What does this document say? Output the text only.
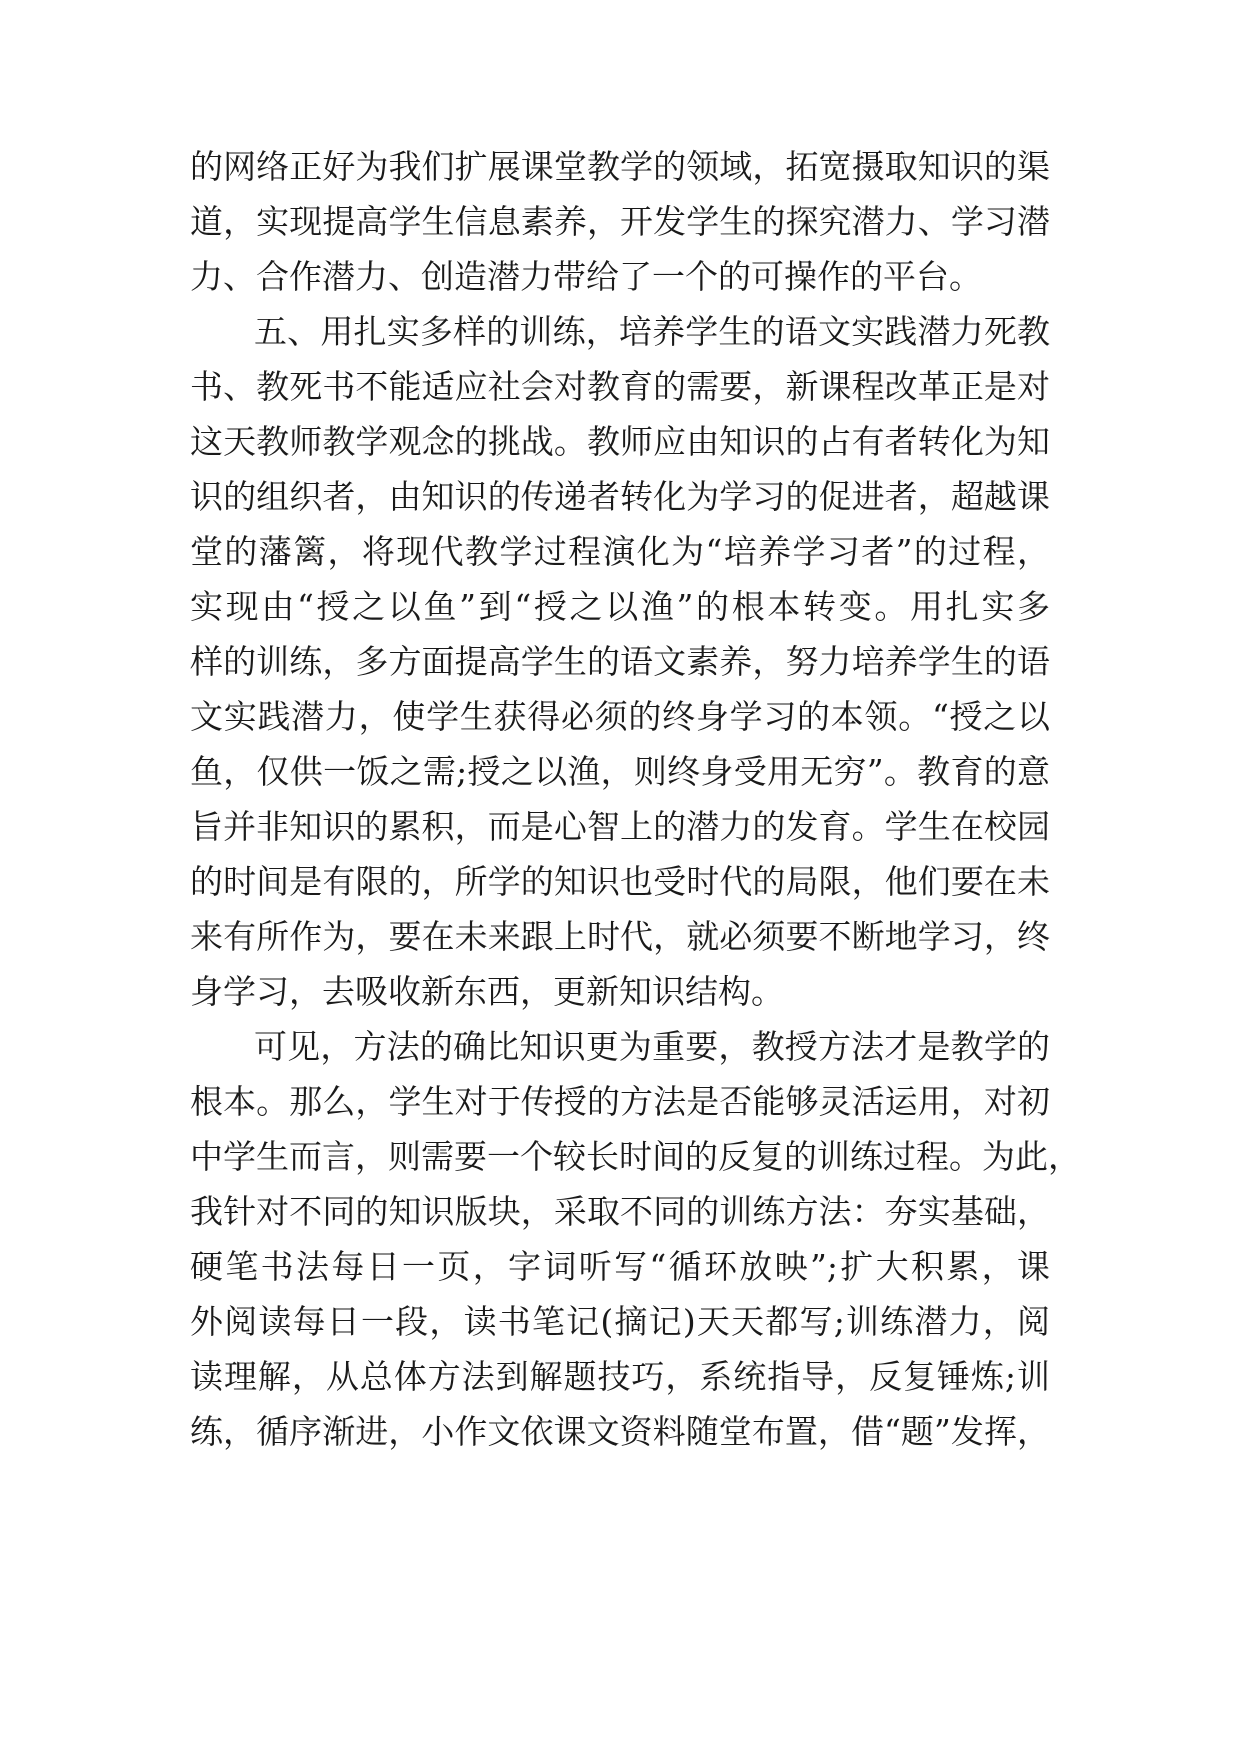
的网络正好为我们扩展课堂教学的领域，拓宽摄取知识的渠
道，实现提高学生信息素养，开发学生的探究潜力、学习潜
力、合作潜力、创造潜力带给了一个的可操作的平台。
五、用扎实多样的训练，培养学生的语文实践潜力死教
书、教死书不能适应社会对教育的需要，新课程改革正是对
这天教师教学观念的挑战。教师应由知识的占有者转化为知
识的组织者，由知识的传递者转化为学习的促进者，超越课
堂的藩篱，将现代教学过程演化为“培养学习者”的过程，
实现由“授之以鱼”到“授之以渔”的根本转变。用扎实多
样的训练，多方面提高学生的语文素养，努力培养学生的语
文实践潜力，使学生获得必须的终身学习的本领。“授之以
鱼，仅供一饭之需;授之以渔，则终身受用无穷”。教育的意
旨并非知识的累积，而是心智上的潜力的发育。学生在校园
的时间是有限的，所学的知识也受时代的局限，他们要在未
来有所作为，要在未来跟上时代，就必须要不断地学习，终
身学习，去吸收新东西，更新知识结构。
可见，方法的确比知识更为重要，教授方法才是教学的
根本。那么，学生对于传授的方法是否能够灵活运用，对初
中学生而言，则需要一个较长时间的反复的训练过程。为此，
我针对不同的知识版块，采取不同的训练方法：夯实基础，
硬笔书法每日一页，字词听写“循环放映”;扩大积累，课
外阅读每日一段，读书笔记(摘记)天天都写;训练潜力，阅
读理解，从总体方法到解题技巧，系统指导，反复锤炼;训
练，循序渐进，小作文依课文资料随堂布置，借“题”发挥，
